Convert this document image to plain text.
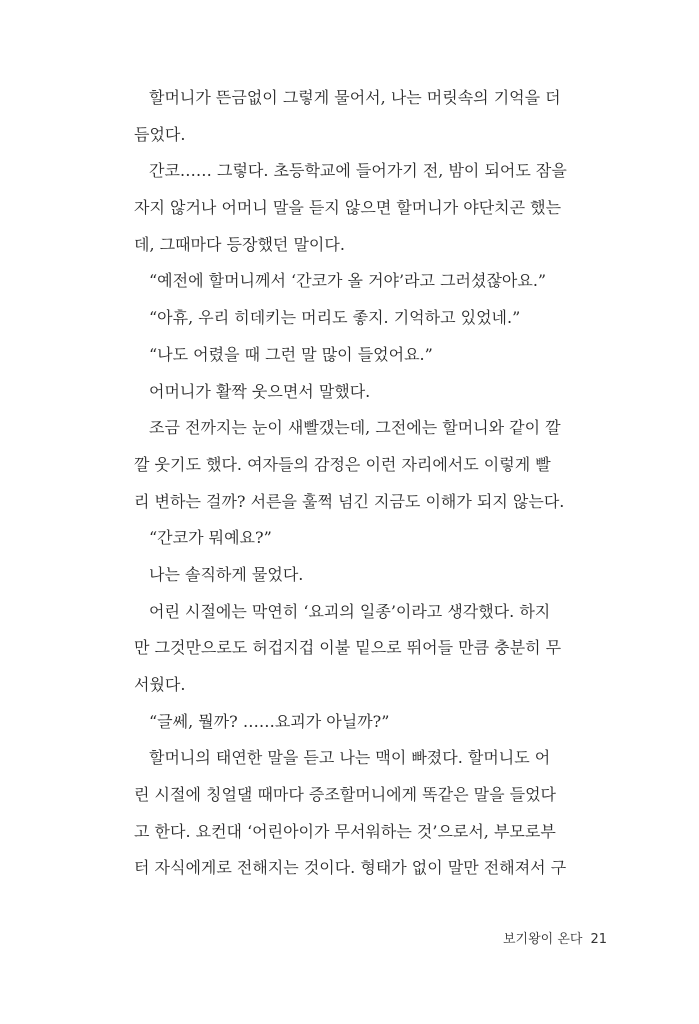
할머니가 뜬금없이 그렇게 물어서, 나는 머릿속의 기억을 더
듬었다.

간코…… 그렇다. 초등학교에 들어가기 전, 밤이 되어도 잠을
자지 않거나 어머니 말을 듣지 않으면 할머니가 야단치곤 했는
데, 그때마다 등장했던 말이다.

“예전에 할머니께서 ‘간코가 올 거야’라고 그러셨잖아요.”

“아휴, 우리 히데키는 머리도 좋지. 기억하고 있었네.”

“나도 어렸을 때 그런 말 많이 들었어요.”

어머니가 활짝 웃으면서 말했다.

조금 전까지는 눈이 새빨갰는데, 그전에는 할머니와 같이 깔
깔 웃기도 했다. 여자들의 감정은 이런 자리에서도 이렇게 빨
리 변하는 걸까? 서른을 훌쩍 넘긴 지금도 이해가 되지 않는다.

“간코가 뭐예요?”

나는 솔직하게 물었다.

어린 시절에는 막연히 ‘요괴의 일종’이라고 생각했다. 하지
만 그것만으로도 허겁지겁 이불 밑으로 뛰어들 만큼 충분히 무
서웠다.

“글쎄, 뭘까? ……요괴가 아닐까?”

할머니의 태연한 말을 듣고 나는 맥이 빠졌다. 할머니도 어
린 시절에 칭얼댈 때마다 증조할머니에게 똑같은 말을 들었다
고 한다. 요컨대 ‘어린아이가 무서워하는 것’으로서, 부모로부
터 자식에게로 전해지는 것이다. 형태가 없이 말만 전해져서 구

보기왕이 온다 21
